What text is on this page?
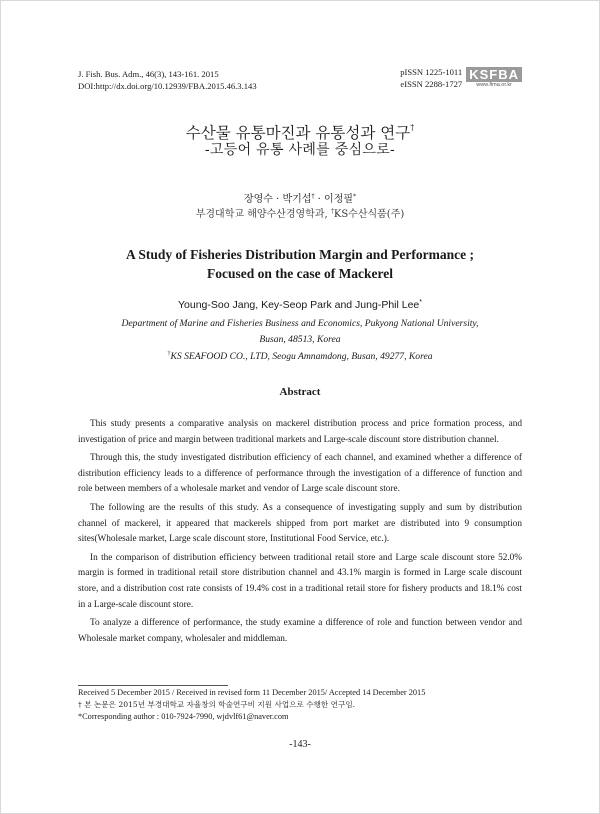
J. Fish. Bus. Adm., 46(3), 143-161. 2015
DOI:http://dx.doi.org/10.12939/FBA.2015.46.3.143
pISSN 1225-1011
eISSN 2288-1727
KSFBA
www.fima.or.kr
수산물 유통마진과 유통성과 연구†
-고등어 유통 사례를 중심으로-
장영수 · 박기섭† · 이정필*
부경대학교 해양수산경영학과, †KS수산식품(주)
A Study of Fisheries Distribution Margin and Performance ;
Focused on the case of Mackerel
Young-Soo Jang, Key-Seop Park and Jung-Phil Lee*
Department of Marine and Fisheries Business and Economics, Pukyong National University,
Busan, 48513, Korea
†KS SEAFOOD CO., LTD, Seogu Amnamdong, Busan, 49277, Korea
Abstract

This study presents a comparative analysis on mackerel distribution process and price formation process, and investigation of price and margin between traditional markets and Large-scale discount store distribution channel.

Through this, the study investigated distribution efficiency of each channel, and examined whether a difference of distribution efficiency leads to a difference of performance through the investigation of a difference of function and role between members of a wholesale market and vendor of Large scale discount store.

The following are the results of this study. As a consequence of investigating supply and sum by distribution channel of mackerel, it appeared that mackerels shipped from port market are distributed into 9 consumption sites(Wholesale market, Large scale discount store, Institutional Food Service, etc.).

In the comparison of distribution efficiency between traditional retail store and Large scale discount store 52.0% margin is formed in traditional retail store distribution channel and 43.1% margin is formed in Large scale discount store, and a distribution cost rate consists of 19.4% cost in a traditional retail store for fishery products and 18.1% cost in a Large-scale discount store.

To analyze a difference of performance, the study examine a difference of role and function between vendor and Wholesale market company, wholesaler and middleman.

Received 5 December 2015 / Received in revised form 11 December 2015/ Accepted 14 December 2015
† 본 논문은 2015년 부경대학교 자율창의 학술연구비 지원 사업으로 수행한 연구임.
*Corresponding author : 010-7924-7990, wjdvlf61@naver.com
-143-
